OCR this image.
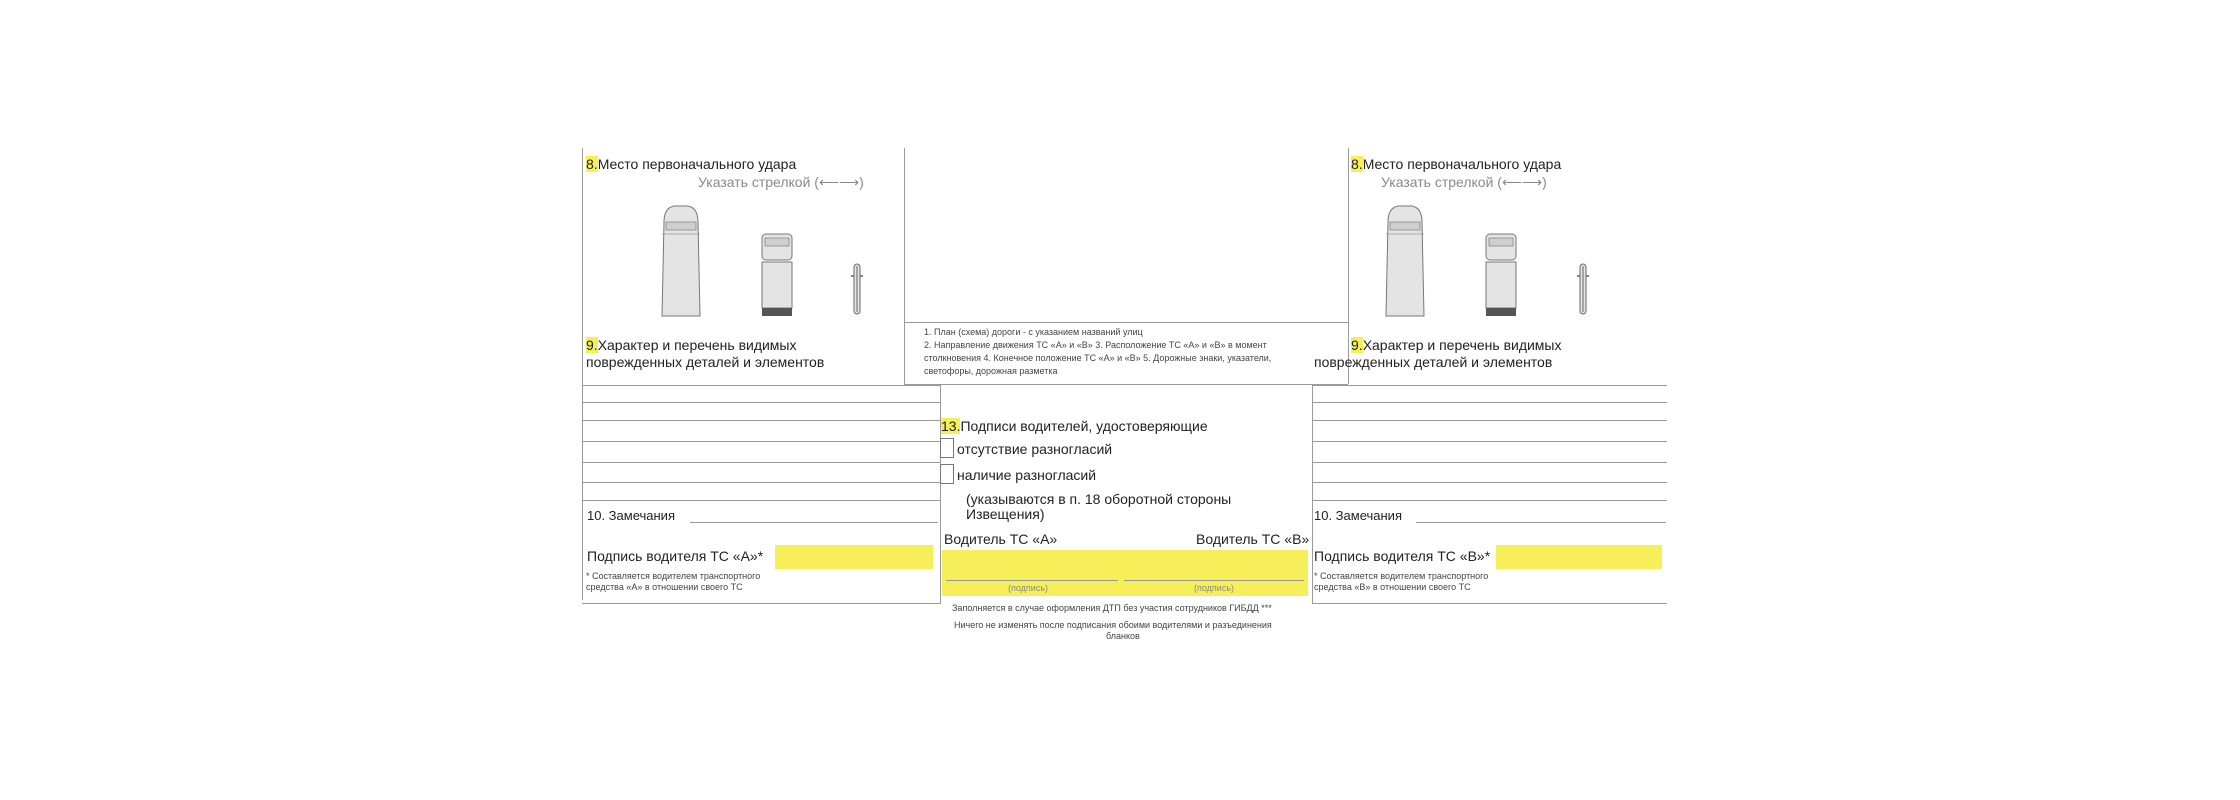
8.Место первоначального удара
Указать стрелкой (⟵⟶)
9.Характер и перечень видимых
поврежденных деталей и элементов
10. Замечания
Подпись водителя ТС «А»*
* Составляется водителем транспортного
средства «А» в отношении своего ТС
1. План (схема) дороги - с указанием названий улиц
2. Направление движения ТС «А» и «В» 3. Расположение ТС «А» и «В» в момент
столкновения 4. Конечное положение ТС «А» и «В» 5. Дорожные знаки, указатели,
светофоры, дорожная разметка
13.Подписи водителей, удостоверяющие
отсутствие разногласий
наличие разногласий
(указываются в п. 18 оборотной стороны
Извещения)
Водитель ТС «А»	Водитель ТС «В»
(подпись)	(подпись)
Заполняется в случае оформления ДТП без участия сотрудников ГИБДД ***
Ничего не изменять после подписания обоими водителями и разъединения
бланков
8.Место первоначального удара
Указать стрелкой (⟵⟶)
9.Характер и перечень видимых
поврежденных деталей и элементов
10. Замечания
Подпись водителя ТС «В»*
* Составляется водителем транспортного
средства «В» в отношении своего ТС
